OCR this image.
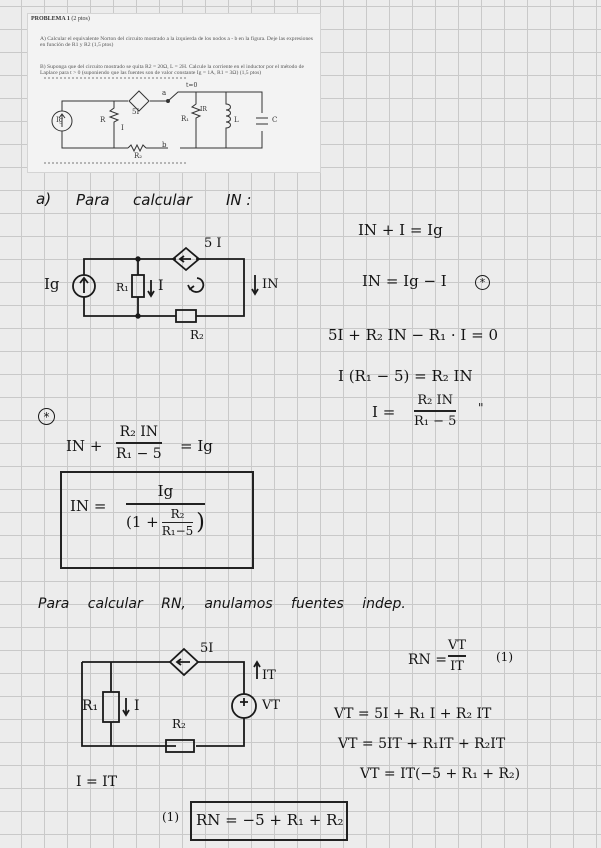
PROBLEMA 1 (2 ptos)
A) Calcular el equivalente Norton del circuito mostrado a la izquierda de los nodos a - b en la figura. Deje las expresiones en función de R1 y R2 (1,5 ptos)
B) Suponga que del circuito mostrado se quita R2 = 20Ω, L = 2H. Calcule la corriente en el inductor por el método de Laplace para t > 0 (suponiendo que las fuentes son de valor constante Ig = 1A, R1 = 3Ω) (1,5 ptos)
Ig	R
I
5I
R₁
IR
L	C
R₂
t=0
a
b
a) Para calcular IN :
Ig	R₁ I
5 I
IN
R₂
IN + I = Ig
IN = Ig − I	*
5I + R₂ IN − R₁ · I = 0
I (R₁ − 5) = R₂ IN
I =
R₂ IN
R₁ − 5
"
*
IN +
R₂ IN
R₁ − 5 = Ig
IN =
Ig
($1 + \frac{\text{R₂}}{\text{R₁−5}}$ )
Para calcular RN, anulamos fuentes indep.
5I
IT
R₁	I	VT
R₂
RN =
VT
IT
(1)
VT = 5I + R₁ I + R₂ IT
VT = 5IT + R₁IT + R₂IT
VT = IT(−5 + R₁ + R₂)
I = IT
(1) RN = −5 + R₁ + R₂
